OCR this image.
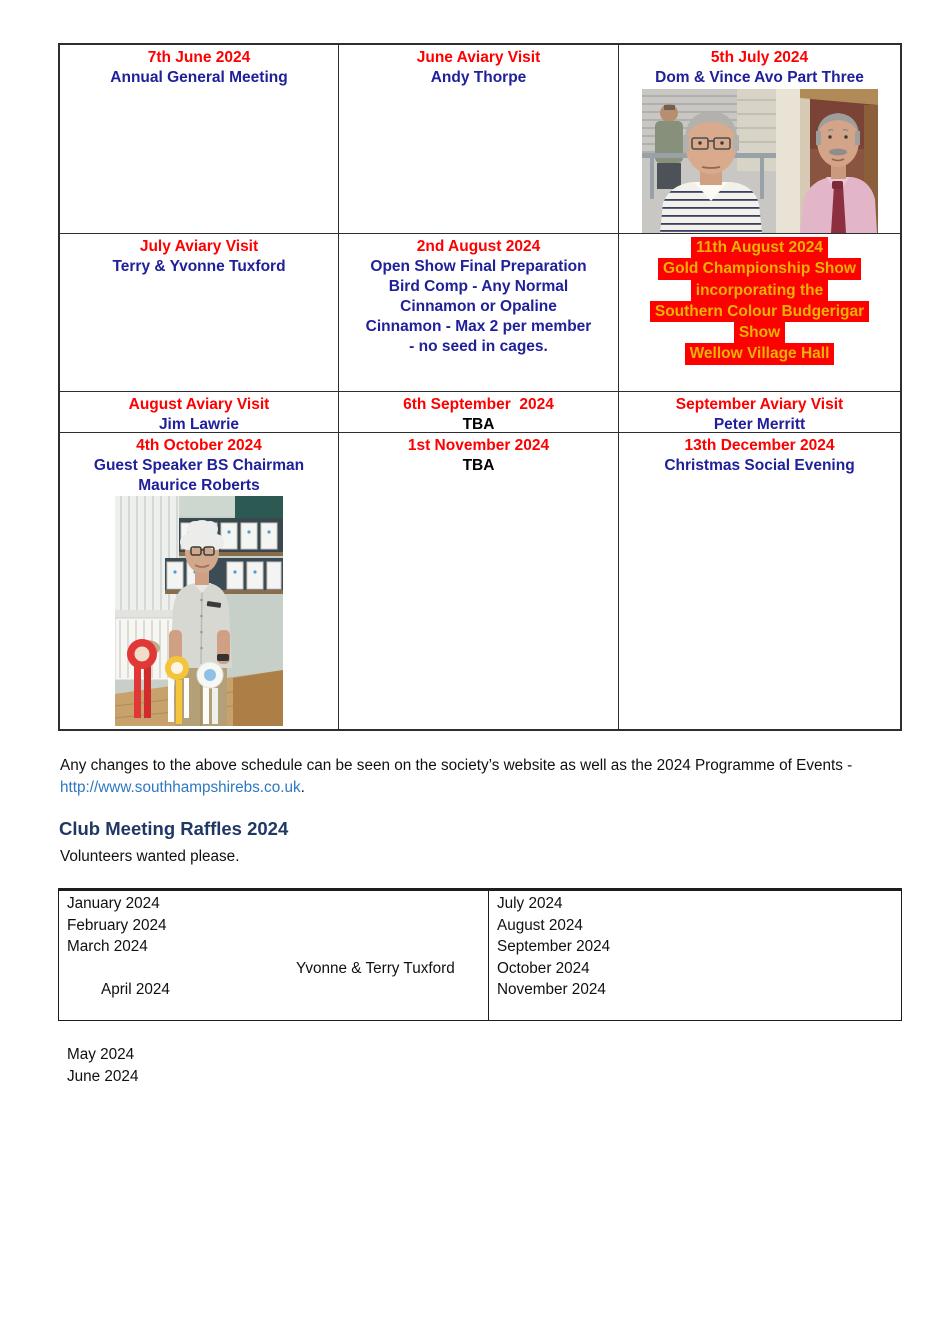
7th June 2024
Annual General Meeting
June Aviary Visit
Andy Thorpe
5th July 2024
Dom & Vince Avo Part Three
July Aviary Visit
Terry & Yvonne Tuxford
2nd August 2024
Open Show Final Preparation
Bird Comp - Any Normal
Cinnamon or Opaline
Cinnamon - Max 2 per member
- no seed in cages.
11th August 2024
Gold Championship Show
incorporating the
Southern Colour Budgerigar
Show
Wellow Village Hall
August Aviary Visit
Jim Lawrie
6th September  2024
TBA
September Aviary Visit
Peter Merritt
4th October 2024
Guest Speaker BS Chairman
Maurice Roberts
1st November 2024
TBA
13th December 2024
Christmas Social Evening
Any changes to the above schedule can be seen on the society’s website as well as the 2024 Programme of Events -
http://www.southhampshirebs.co.uk.
Club Meeting Raffles 2024
Volunteers wanted please.
January 2024
February 2024
March 2024

April 2024

Yvonne & Terry Tuxford

May 2024
June 2024
July 2024
August 2024
September 2024
October 2024
November 2024
